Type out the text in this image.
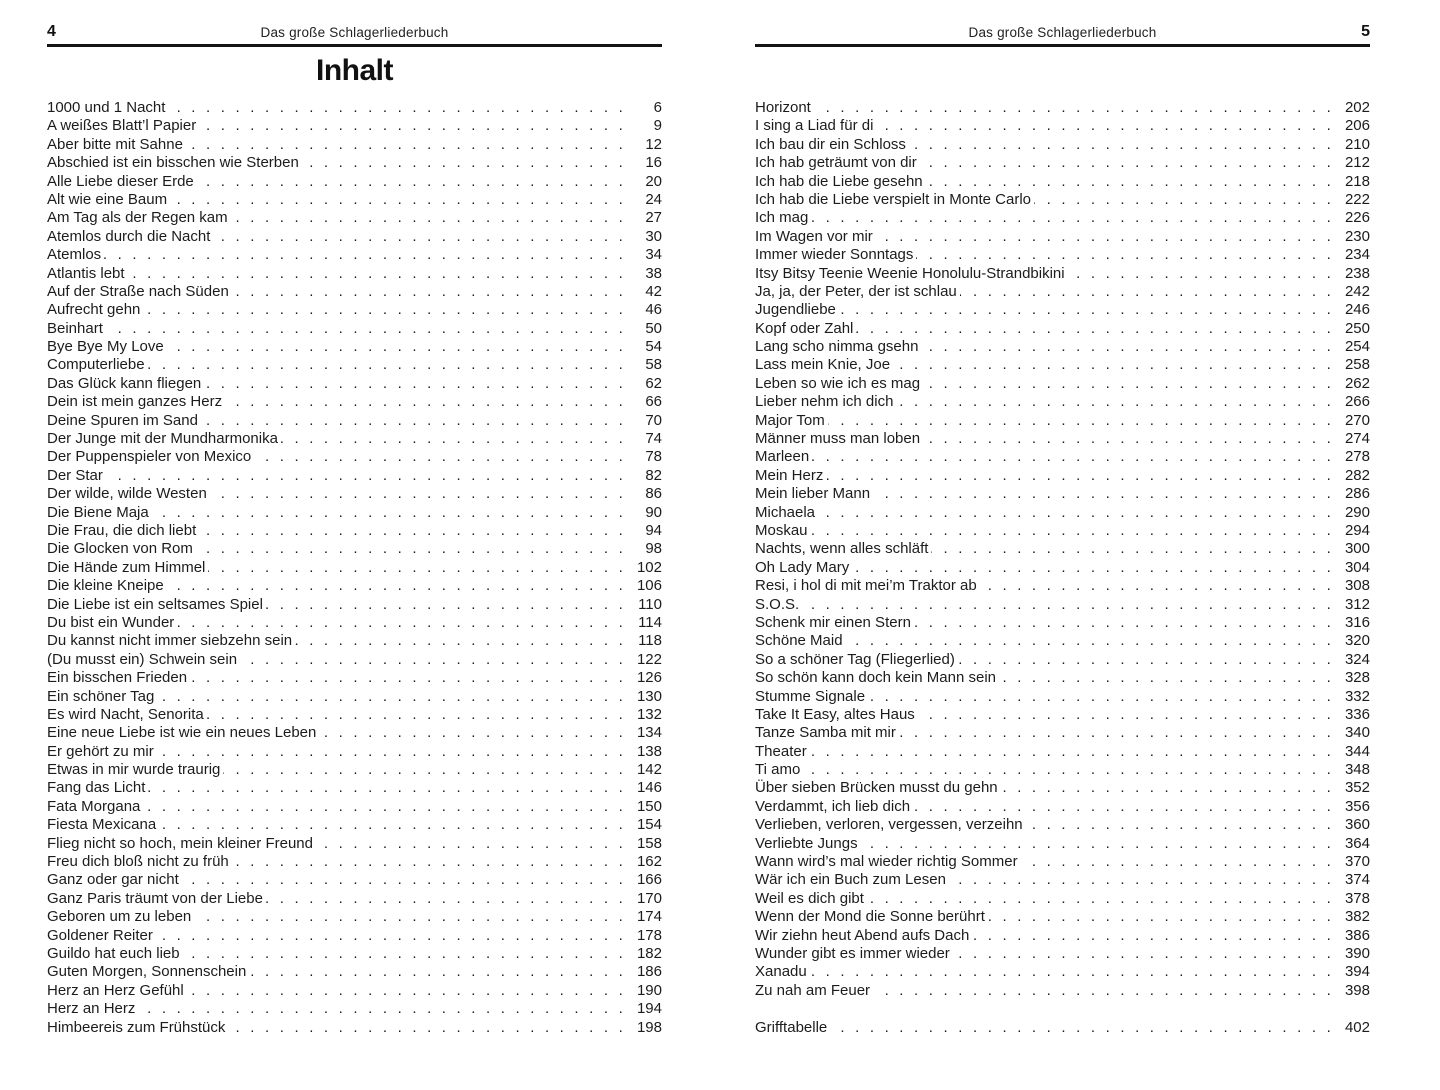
4	Das große Schlagerliederbuch
Inhalt
1000 und 1 Nacht . . .	6
A weißes Blatt’l Papier . . .	9
Aber bitte mit Sahne . . .	12
Abschied ist ein bisschen wie Sterben . . .	16
Alle Liebe dieser Erde . . .	20
Alt wie eine Baum . . .	24
Am Tag als der Regen kam . . .	27
Atemlos durch die Nacht . . .	30
Atemlos . . .	34
Atlantis lebt . . .	38
Auf der Straße nach Süden . . .	42
Aufrecht gehn . . .	46
Beinhart . . .	50
Bye Bye My Love . . .	54
Computerliebe . . .	58
Das Glück kann fliegen . . .	62
Dein ist mein ganzes Herz . . .	66
Deine Spuren im Sand . . .	70
Der Junge mit der Mundharmonika . . .	74
Der Puppenspieler von Mexico . . .	78
Der Star . . .	82
Der wilde, wilde Westen . . .	86
Die Biene Maja . . .	90
Die Frau, die dich liebt . . .	94
Die Glocken von Rom . . .	98
Die Hände zum Himmel . . .	102
Die kleine Kneipe . . .	106
Die Liebe ist ein seltsames Spiel . . .	110
Du bist ein Wunder . . .	114
Du kannst nicht immer siebzehn sein . . .	118
(Du musst ein) Schwein sein . . .	122
Ein bisschen Frieden . . .	126
Ein schöner Tag . . .	130
Es wird Nacht, Senorita . . .	132
Eine neue Liebe ist wie ein neues Leben . . .	134
Er gehört zu mir . . .	138
Etwas in mir wurde traurig . . .	142
Fang das Licht . . .	146
Fata Morgana . . .	150
Fiesta Mexicana . . .	154
Flieg nicht so hoch, mein kleiner Freund . . .	158
Freu dich bloß nicht zu früh . . .	162
Ganz oder gar nicht . . .	166
Ganz Paris träumt von der Liebe . . .	170
Geboren um zu leben . . .	174
Goldener Reiter . . .	178
Guildo hat euch lieb . . .	182
Guten Morgen, Sonnenschein . . .	186
Herz an Herz Gefühl . . .	190
Herz an Herz . . .	194
Himbeereis zum Frühstück . . .	198
5
Das große Schlagerliederbuch
Horizont . . .	202
I sing a Liad für di . . .	206
Ich bau dir ein Schloss . . .	210
Ich hab geträumt von dir . . .	212
Ich hab die Liebe gesehn . . .	218
Ich hab die Liebe verspielt in Monte Carlo . . .	222
Ich mag . . .	226
Im Wagen vor mir . . .	230
Immer wieder Sonntags . . .	234
Itsy Bitsy Teenie Weenie Honolulu-Strandbikini . . .	238
Ja, ja, der Peter, der ist schlau . . .	242
Jugendliebe . . .	246
Kopf oder Zahl . . .	250
Lang scho nimma gsehn . . .	254
Lass mein Knie, Joe . . .	258
Leben so wie ich es mag . . .	262
Lieber nehm ich dich . . .	266
Major Tom . . .	270
Männer muss man loben . . .	274
Marleen . . .	278
Mein Herz . . .	282
Mein lieber Mann . . .	286
Michaela . . .	290
Moskau . . .	294
Nachts, wenn alles schläft . . .	300
Oh Lady Mary . . .	304
Resi, i hol di mit mei’m Traktor ab . . .	308
S.O.S. . . .	312
Schenk mir einen Stern . . .	316
Schöne Maid . . .	320
So a schöner Tag (Fliegerlied) . . .	324
So schön kann doch kein Mann sein . . .	328
Stumme Signale . . .	332
Take It Easy, altes Haus . . .	336
Tanze Samba mit mir . . .	340
Theater . . .	344
Ti amo . . .	348
Über sieben Brücken musst du gehn . . .	352
Verdammt, ich lieb dich . . .	356
Verlieben, verloren, vergessen, verzeihn . . .	360
Verliebte Jungs . . .	364
Wann wird’s mal wieder richtig Sommer . . .	370
Wär ich ein Buch zum Lesen . . .	374
Weil es dich gibt . . .	378
Wenn der Mond die Sonne berührt . . .	382
Wir ziehn heut Abend aufs Dach . . .	386
Wunder gibt es immer wieder . . .	390
Xanadu . . .	394
Zu nah am Feuer . . .	398
Grifftabelle . . .	402
